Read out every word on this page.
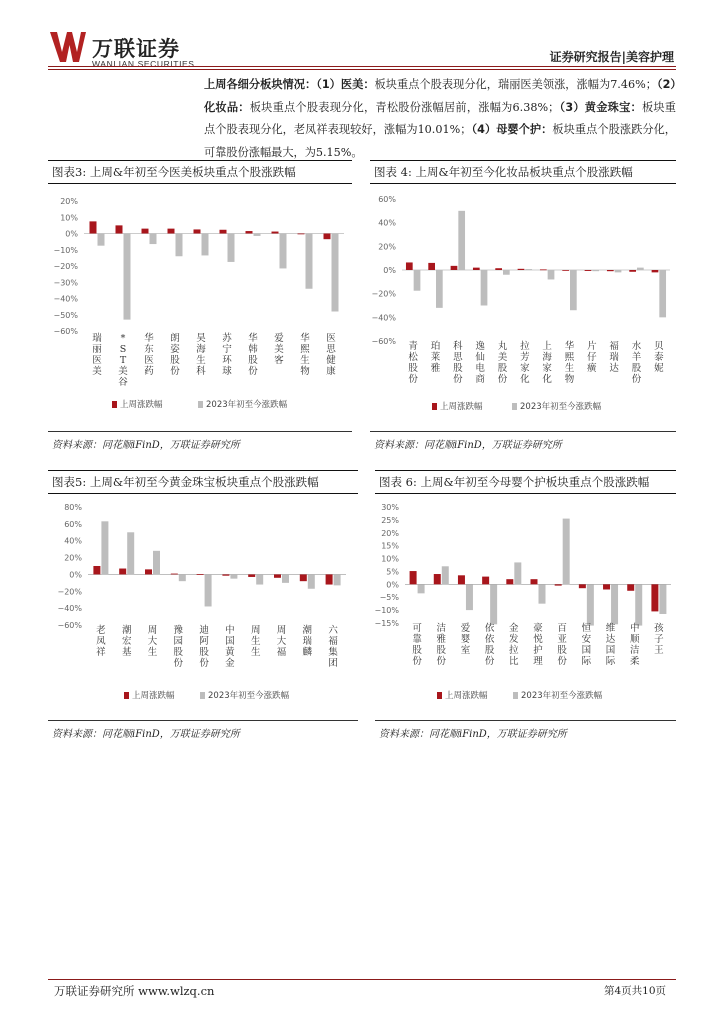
万联证券
WANLIAN SECURITIES	证券研究报告|美容护理
上周各细分板块情况：（1）医美：板块重点个股表现分化，瑞丽医美领涨，涨幅为7.46%；（2）化妆品：板块重点个股表现分化，青松股份涨幅居前，涨幅为6.38%；（3）黄金珠宝：板块重点个股表现分化，老凤祥表现较好，涨幅为10.01%；（4）母婴个护：板块重点个股涨跌分化，可靠股份涨幅最大，为5.15%。
图表3: 上周&年初至今医美板块重点个股涨跌幅
20%
10%
0%
−10%
−20%
−30%
−40%
−50%
−60%
瑞丽医美
* S T 美谷
华东医药
朗姿股份
昊海生科
苏宁环球
华韩股份
爱美客
华熙生物
医思健康
上周涨跌幅	2023年初至今涨跌幅
资料来源：同花顺iFinD，万联证券研究所
图表 4: 上周&年初至今化妆品板块重点个股涨跌幅
60%
40%
20%
0%
−20%
−40%
−60% 青松股份
珀莱雅
科思股份
逸仙电商
丸美股份
拉芳家化
上海家化
华熙生物
片仔癀
福瑞达
水羊股份
贝泰妮
上周涨跌幅	2023年初至今涨跌幅
资料来源：同花顺iFinD，万联证券研究所
图表5: 上周&年初至今黄金珠宝板块重点个股涨跌幅
80%
60%
40%
20%
0%
−20%
−40%
−60% 老凤祥
潮宏基
周大生
豫园股份
迪阿股份
中国黄金
周生生
周大福
潮瑞麟
六福集团
上周涨跌幅	2023年初至今涨跌幅
资料来源：同花顺iFinD，万联证券研究所
图表 6: 上周&年初至今母婴个护板块重点个股涨跌幅
30%
25%
20%
15%
10%
5%
0%
−5%
−10%
−15% 可靠股份
洁雅股份
爱婴室
依依股份
金发拉比
豪悦护理
百亚股份
恒安国际
维达国际
中顺洁柔
孩子王
上周涨跌幅	2023年初至今涨跌幅
资料来源：同花顺iFinD，万联证券研究所
万联证券研究所 www.wlzq.cn	第4页共10页
